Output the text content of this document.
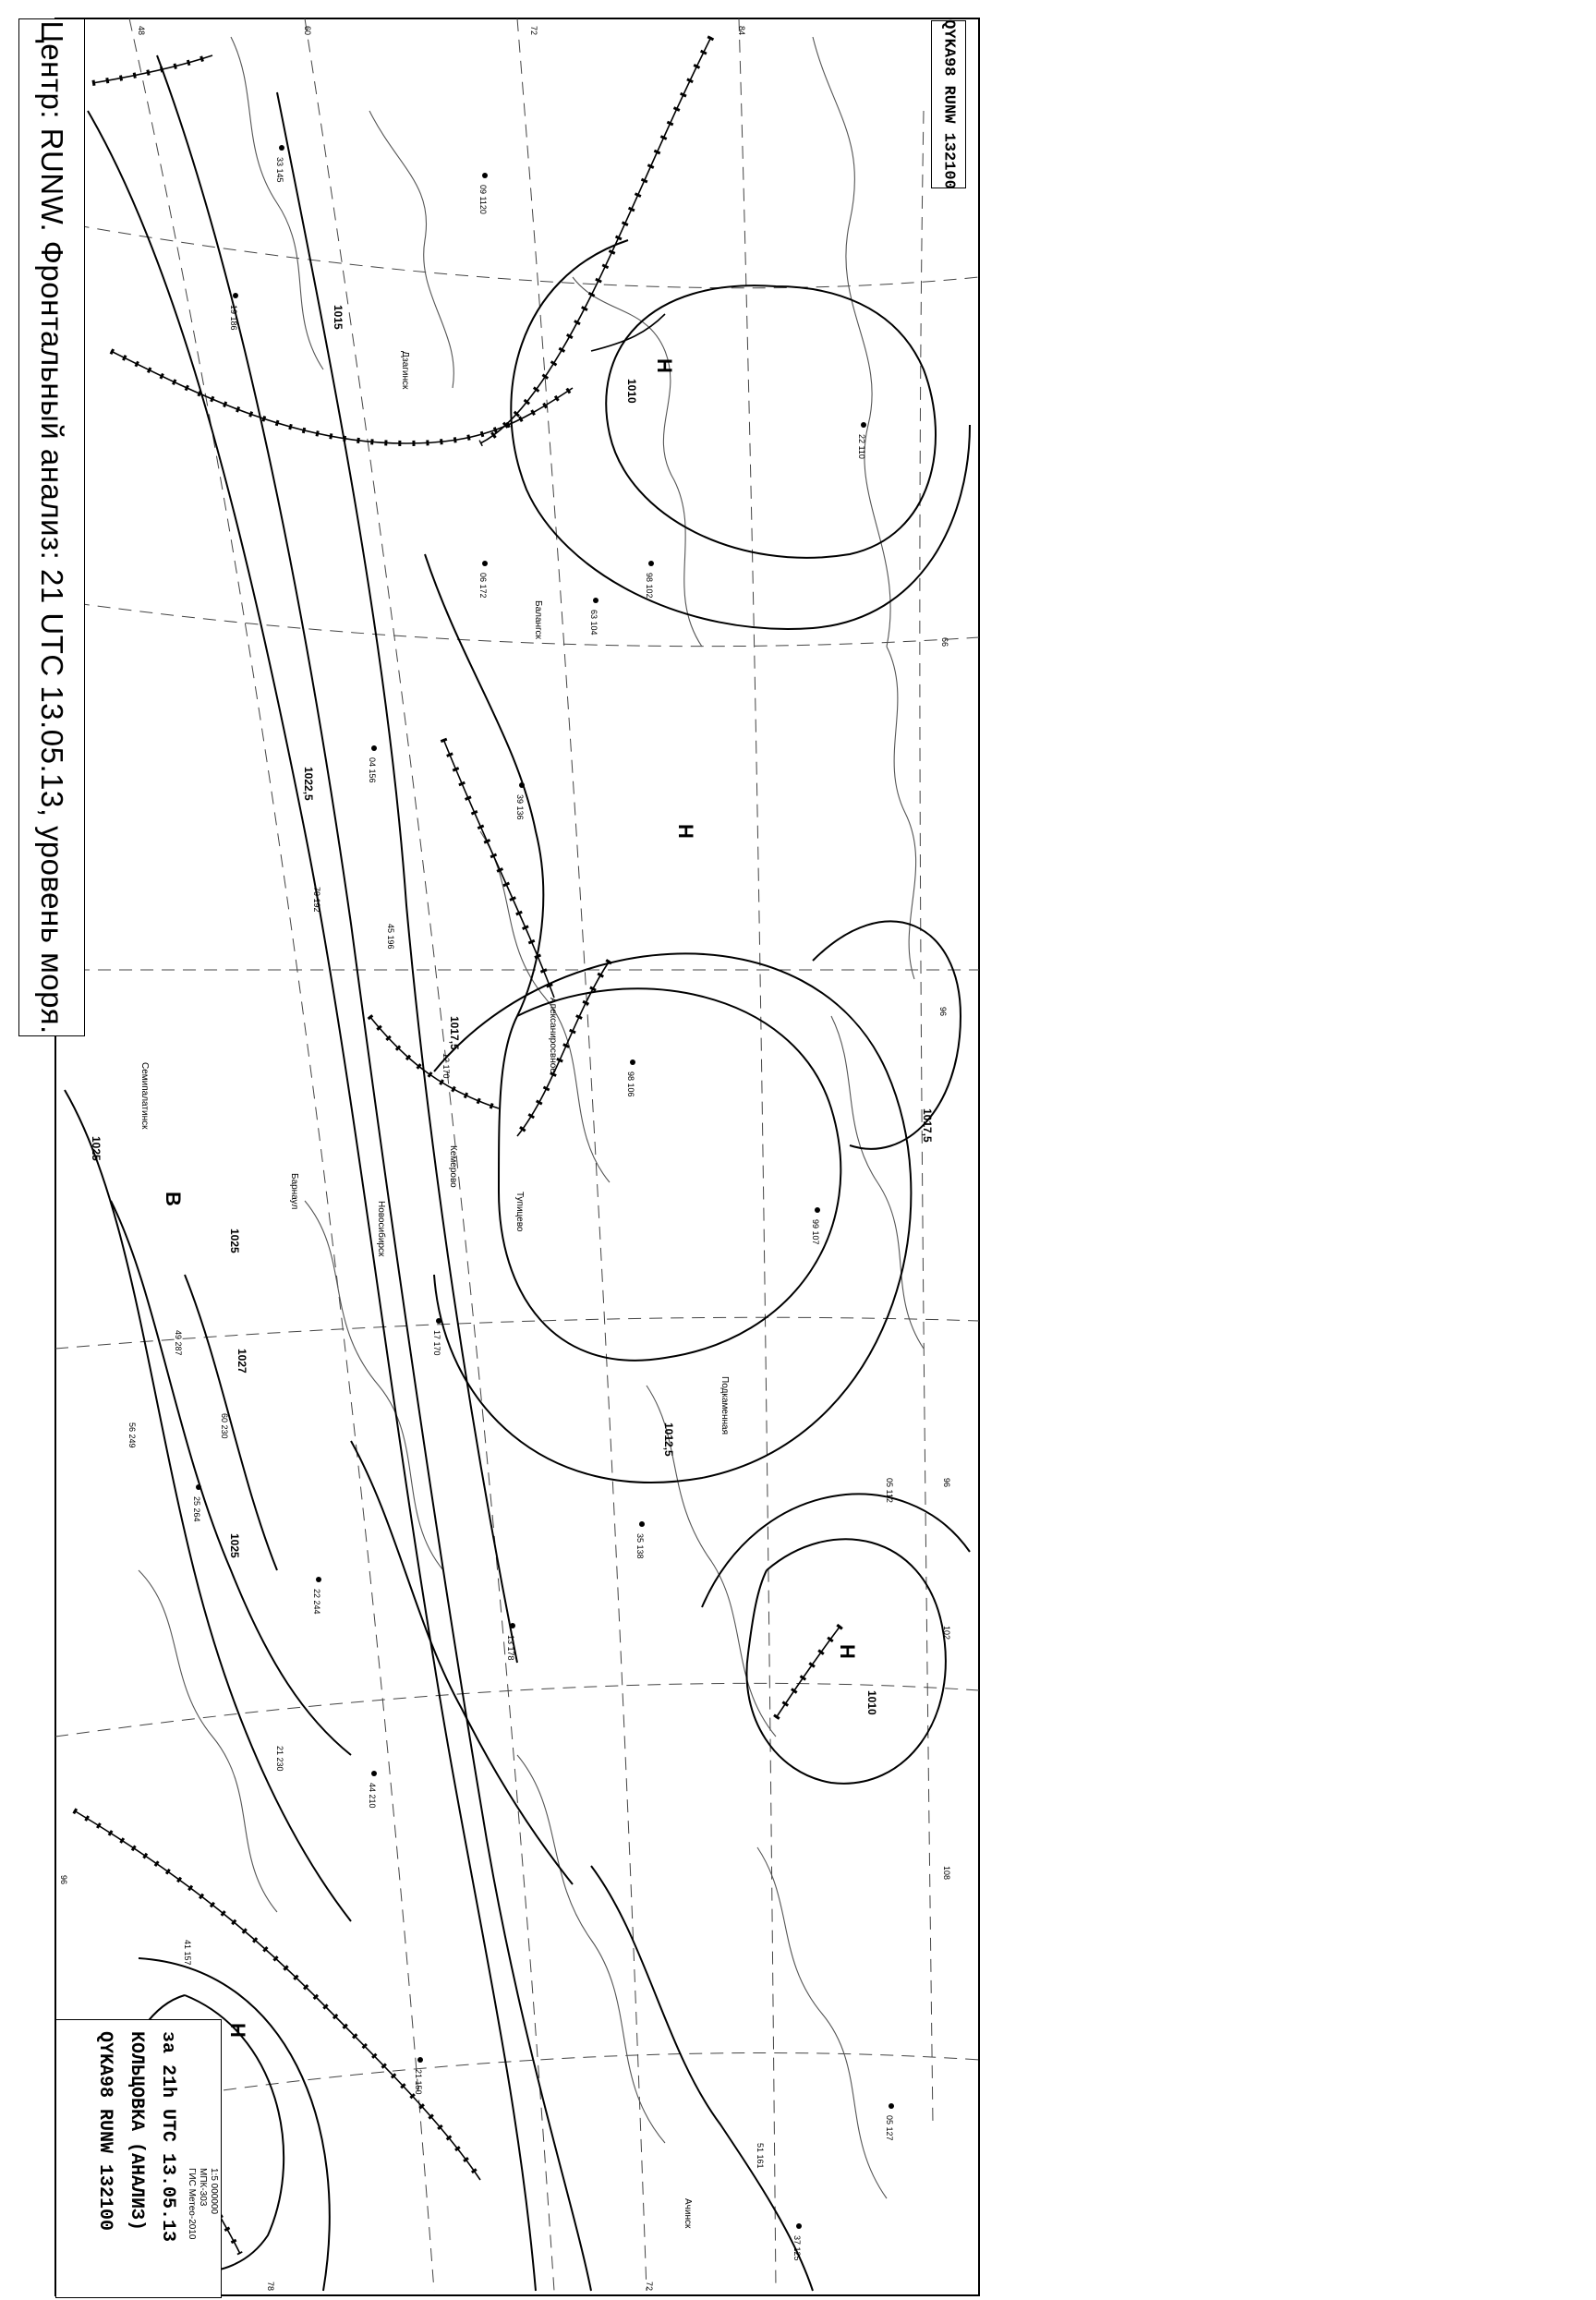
Н
Н
Н
Н
В
1010
1015
1017,5
1017,5
1012,5
1010
1025
1025
1027
1022,5
1025
48	60	72	84
96
102
108
96
72
66
96
78
Апексаниросвное
Балангск
Дзагинск
Барнаул
Семипалатинск
Новосибирск
Кемерово
Ачинск
Подкаменная
Тупицево
19 186
33 145
06 172
99 107
21 150
25 264
63 104
44 210
98 106
04 156
09 1120
35 138
17 170
22 244
13 178
49 287
56 249	60 230
37 125
51 161
05 127
21 230
98 102
22 110
39 136
12 170
70 192
45 196
05 112
41 157
Центр: RUNW. Фронтальный анализ: 21 UTC 13.05.13, уровень моря.	QYKA98 RUNW 132100
QYKA98 RUNW 132100 КОЛЬЦОВКА (АНАЛИЗ) за 21h UTC 13.05.13 ГИС Метео-2010 МПК-303 1:5 000000
